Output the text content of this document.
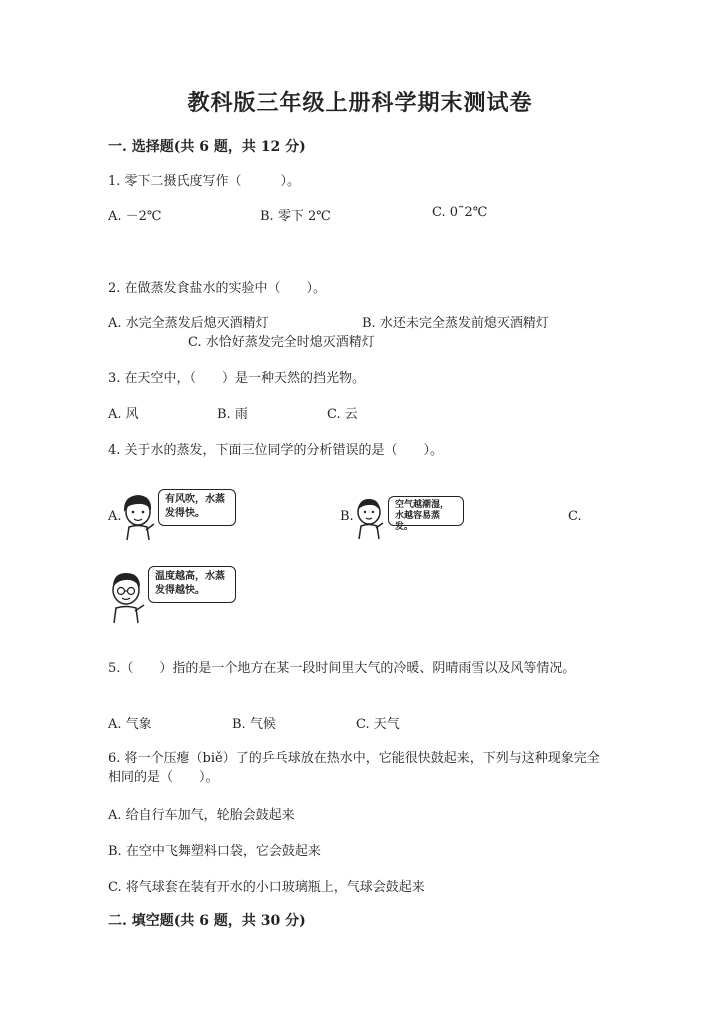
教科版三年级上册科学期末测试卷
一. 选择题(共 6 题，共 12 分)
1. 零下二摄氏度写作（　　　）。
A. －2℃	B. 零下 2℃	C. 0˜2℃
2. 在做蒸发食盐水的实验中（　　）。
A. 水完全蒸发后熄灭酒精灯	B. 水还未完全蒸发前熄灭酒精灯
C. 水恰好蒸发完全时熄灭酒精灯
3. 在天空中，（　　）是一种天然的挡光物。
A. 风	B. 雨	C. 云
4. 关于水的蒸发，下面三位同学的分析错误的是（　　）。
A.
有风吹，水蒸发得快。	B.
空气越潮湿，水越容易蒸发。
C.
温度越高，水蒸发得越快。
5.（　　）指的是一个地方在某一段时间里大气的冷暖、阴晴雨雪以及风等情况。
A. 气象	B. 气候	C. 天气
6. 将一个压瘪（biě）了的乒乓球放在热水中，它能很快鼓起来，下列与这种现象完全相同的是（　　）。
A. 给自行车加气，轮胎会鼓起来
B. 在空中飞舞塑料口袋，它会鼓起来
C. 将气球套在装有开水的小口玻璃瓶上，气球会鼓起来
二. 填空题(共 6 题，共 30 分)
